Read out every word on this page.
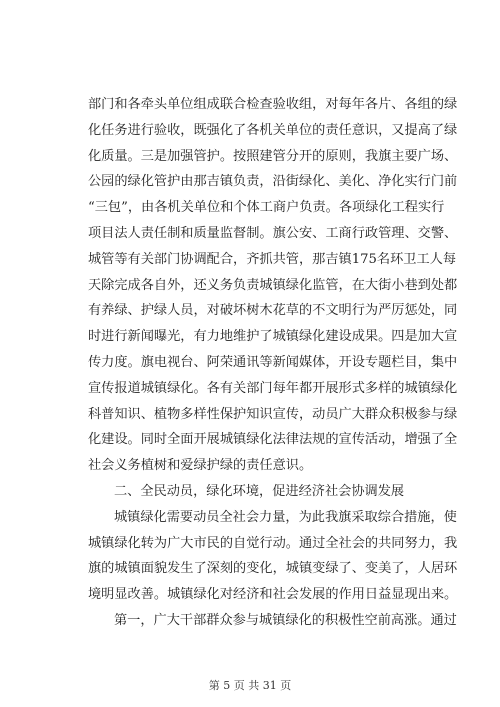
部门和各牵头单位组成联合检查验收组，对每年各片、各组的绿
化任务进行验收，既强化了各机关单位的责任意识，又提高了绿
化质量。三是加强管护。按照建管分开的原则，我旗主要广场、
公园的绿化管护由那吉镇负责，沿街绿化、美化、净化实行门前
“三包”，由各机关单位和个体工商户负责。各项绿化工程实行
项目法人责任制和质量监督制。旗公安、工商行政管理、交警、
城管等有关部门协调配合，齐抓共管，那吉镇175名环卫工人每
天除完成各自外，还义务负责城镇绿化监管，在大街小巷到处都
有养绿、护绿人员，对破坏树木花草的不文明行为严厉惩处，同
时进行新闻曝光，有力地维护了城镇绿化建设成果。四是加大宣
传力度。旗电视台、阿荣通讯等新闻媒体，开设专题栏目，集中
宣传报道城镇绿化。各有关部门每年都开展形式多样的城镇绿化
科普知识、植物多样性保护知识宣传，动员广大群众积极参与绿
化建设。同时全面开展城镇绿化法律法规的宣传活动，增强了全
社会义务植树和爱绿护绿的责任意识。
二、全民动员，绿化环境，促进经济社会协调发展
城镇绿化需要动员全社会力量，为此我旗采取综合措施，使
城镇绿化转为广大市民的自觉行动。通过全社会的共同努力，我
旗的城镇面貌发生了深刻的变化，城镇变绿了、变美了，人居环
境明显改善。城镇绿化对经济和社会发展的作用日益显现出来。
第一，广大干部群众参与城镇绿化的积极性空前高涨。通过
第 5 页 共 31 页
